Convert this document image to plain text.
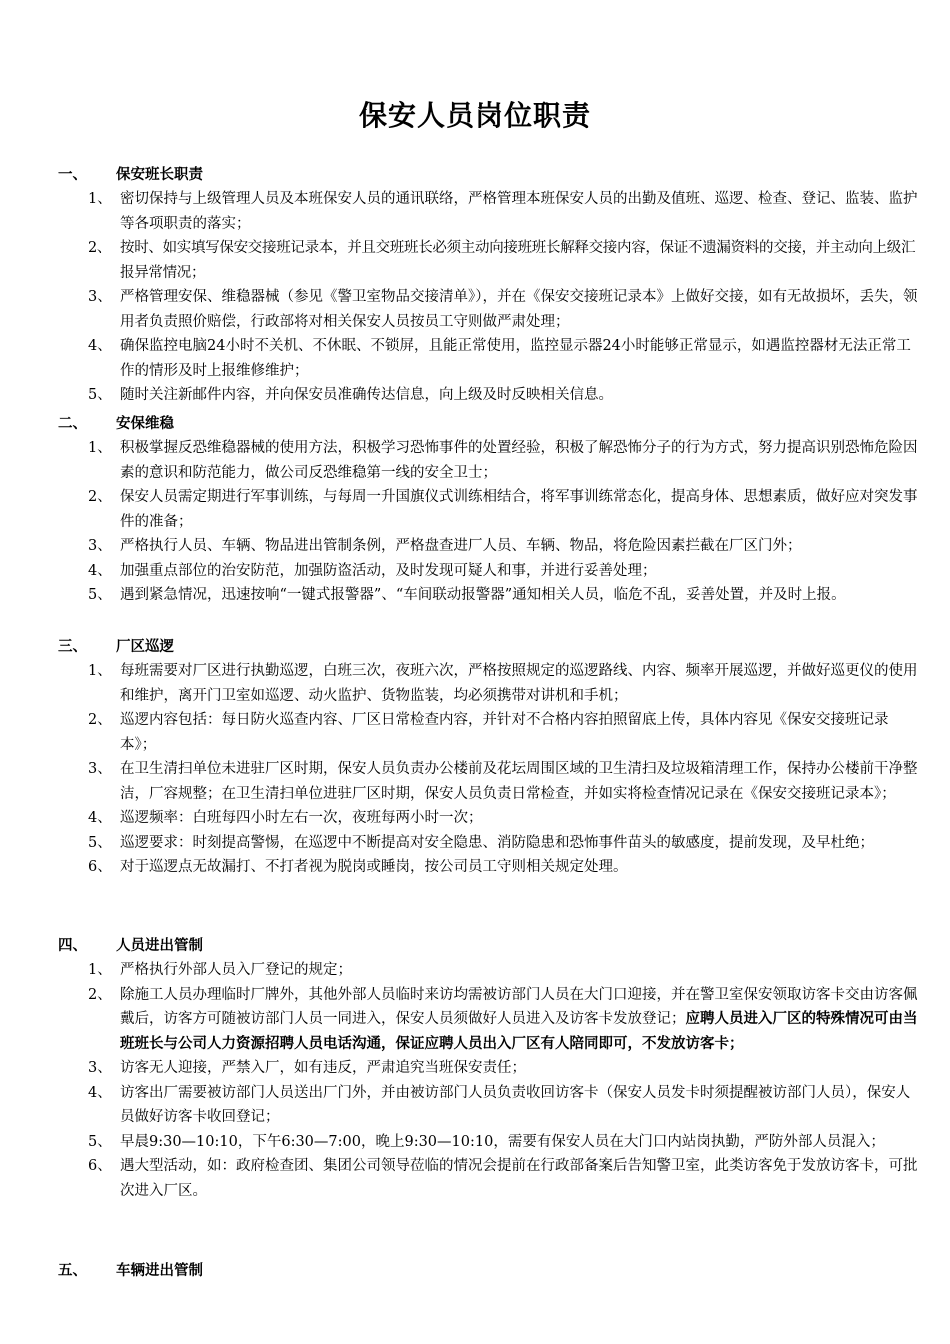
保安人员岗位职责
一、 保安班长职责
1、 密切保持与上级管理人员及本班保安人员的通讯联络，严格管理本班保安人员的出勤及值班、巡逻、检查、登记、监装、监护等各项职责的落实；
2、 按时、如实填写保安交接班记录本，并且交班班长必须主动向接班班长解释交接内容，保证不遗漏资料的交接，并主动向上级汇报异常情况；
3、 严格管理安保、维稳器械（参见《警卫室物品交接清单》），并在《保安交接班记录本》上做好交接，如有无故损坏，丢失，领用者负责照价赔偿，行政部将对相关保安人员按员工守则做严肃处理；
4、 确保监控电脑24小时不关机、不休眠、不锁屏，且能正常使用，监控显示器24小时能够正常显示，如遇监控器材无法正常工作的情形及时上报维修维护；
5、 随时关注新邮件内容，并向保安员准确传达信息，向上级及时反映相关信息。
二、 安保维稳
1、 积极掌握反恐维稳器械的使用方法，积极学习恐怖事件的处置经验，积极了解恐怖分子的行为方式，努力提高识别恐怖危险因素的意识和防范能力，做公司反恐维稳第一线的安全卫士；
2、 保安人员需定期进行军事训练，与每周一升国旗仪式训练相结合，将军事训练常态化，提高身体、思想素质，做好应对突发事件的准备；
3、 严格执行人员、车辆、物品进出管制条例，严格盘查进厂人员、车辆、物品，将危险因素拦截在厂区门外；
4、 加强重点部位的治安防范，加强防盗活动，及时发现可疑人和事，并进行妥善处理；
5、 遇到紧急情况，迅速按响“一键式报警器”、“车间联动报警器”通知相关人员，临危不乱，妥善处置，并及时上报。
三、 厂区巡逻
1、 每班需要对厂区进行执勤巡逻，白班三次，夜班六次，严格按照规定的巡逻路线、内容、频率开展巡逻，并做好巡更仪的使用和维护，离开门卫室如巡逻、动火监护、货物监装，均必须携带对讲机和手机；
2、 巡逻内容包括：每日防火巡查内容、厂区日常检查内容，并针对不合格内容拍照留底上传，具体内容见《保安交接班记录本》；
3、 在卫生清扫单位未进驻厂区时期，保安人员负责办公楼前及花坛周围区域的卫生清扫及垃圾箱清理工作，保持办公楼前干净整洁，厂容规整；在卫生清扫单位进驻厂区时期，保安人员负责日常检查，并如实将检查情况记录在《保安交接班记录本》；
4、 巡逻频率：白班每四小时左右一次，夜班每两小时一次；
5、 巡逻要求：时刻提高警惕，在巡逻中不断提高对安全隐患、消防隐患和恐怖事件苗头的敏感度，提前发现，及早杜绝；
6、 对于巡逻点无故漏打、不打者视为脱岗或睡岗，按公司员工守则相关规定处理。
四、 人员进出管制
1、 严格执行外部人员入厂登记的规定；
2、 除施工人员办理临时厂牌外，其他外部人员临时来访均需被访部门人员在大门口迎接，并在警卫室保安领取访客卡交由访客佩戴后，访客方可随被访部门人员一同进入，保安人员须做好人员进入及访客卡发放登记；应聘人员进入厂区的特殊情况可由当班班长与公司人力资源招聘人员电话沟通，保证应聘人员出入厂区有人陪同即可，不发放访客卡；
3、 访客无人迎接，严禁入厂，如有违反，严肃追究当班保安责任；
4、 访客出厂需要被访部门人员送出厂门外，并由被访部门人员负责收回访客卡（保安人员发卡时须提醒被访部门人员），保安人员做好访客卡收回登记；
5、 早晨9:30—10:10，下午6:30—7:00，晚上9:30—10:10，需要有保安人员在大门口内站岗执勤，严防外部人员混入；
6、 遇大型活动，如：政府检查团、集团公司领导莅临的情况会提前在行政部备案后告知警卫室，此类访客免于发放访客卡，可批次进入厂区。
五、 车辆进出管制
